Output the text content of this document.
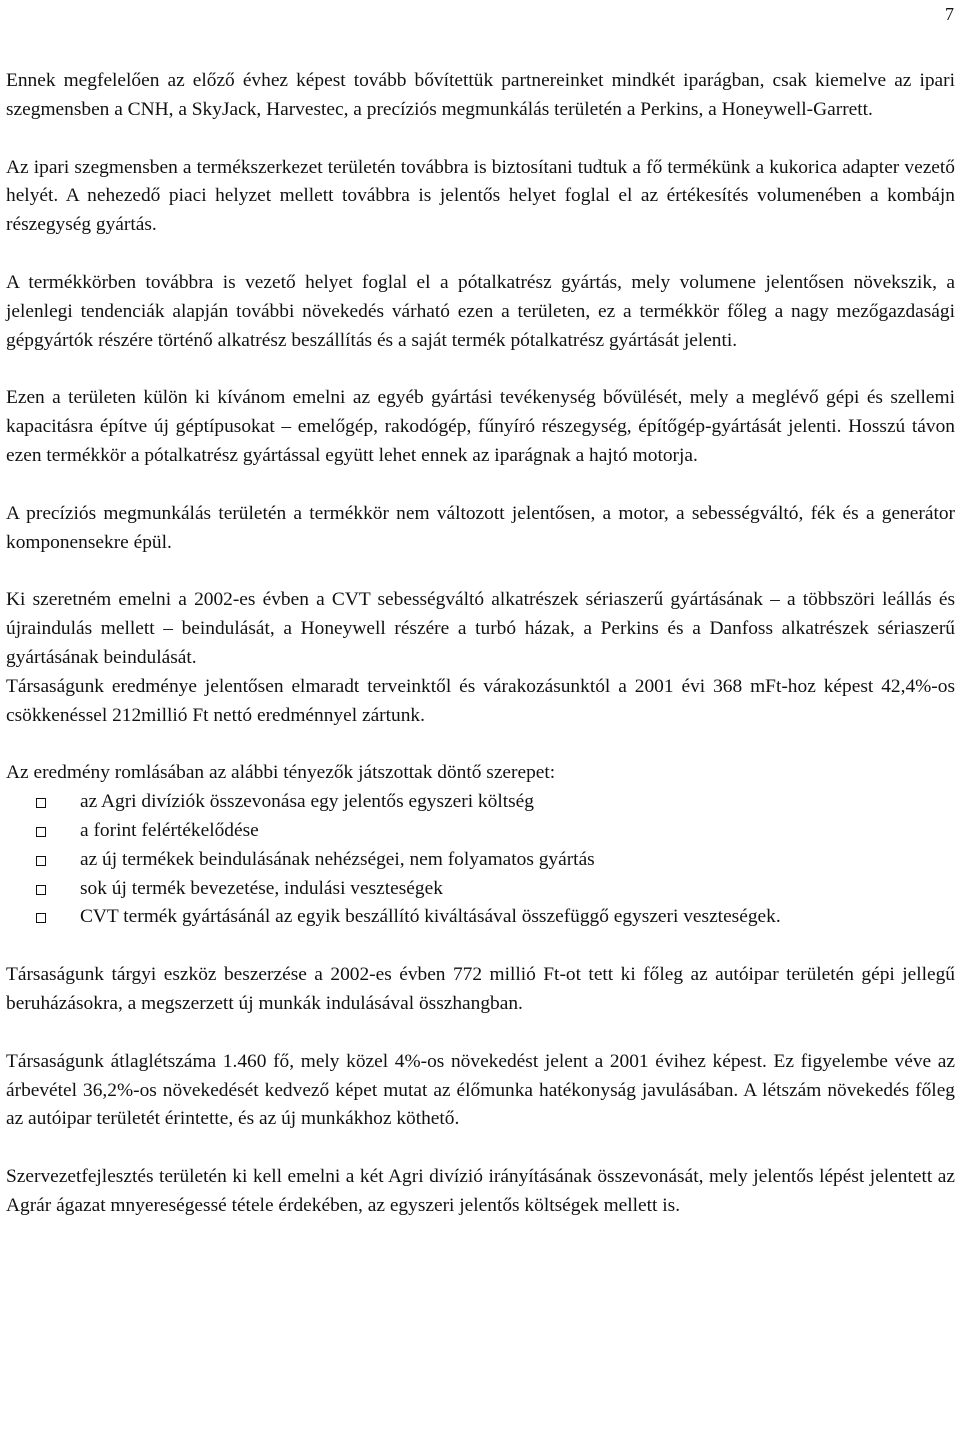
7

Ennek megfelelően az előző évhez képest tovább bővítettük partnereinket mindkét iparágban, csak kiemelve az ipari szegmensben a CNH, a SkyJack, Harvestec, a precíziós megmunkálás területén a Perkins, a Honeywell-Garrett.

Az ipari szegmensben a termékszerkezet területén továbbra is biztosítani tudtuk a fő termékünk a kukorica adapter vezető helyét. A nehezedő piaci helyzet mellett továbbra is jelentős helyet foglal el az értékesítés volumenében a kombájn részegység gyártás.

A termékkörben továbbra is vezető helyet foglal el a pótalkatrész gyártás, mely volumene jelentősen növekszik, a jelenlegi tendenciák alapján további növekedés várható ezen a területen, ez a termékkör főleg a nagy mezőgazdasági gépgyártók részére történő alkatrész beszállítás és a saját termék pótalkatrész gyártását jelenti.

Ezen a területen külön ki kívánom emelni az egyéb gyártási tevékenység bővülését, mely a meglévő gépi és szellemi kapacitásra építve új géptípusokat – emelőgép, rakodógép, fűnyíró részegység, építőgép-gyártását jelenti. Hosszú távon ezen termékkör a pótalkatrész gyártással együtt lehet ennek az iparágnak a hajtó motorja.

A precíziós megmunkálás területén a termékkör nem változott jelentősen, a motor, a sebességváltó, fék és a generátor komponensekre épül.

Ki szeretném emelni a 2002-es évben a CVT sebességváltó alkatrészek sériaszerű gyártásának – a többszöri leállás és újraindulás mellett – beindulását, a Honeywell részére a turbó házak, a Perkins és a Danfoss alkatrészek sériaszerű gyártásának beindulását.

Társaságunk eredménye jelentősen elmaradt terveinktől és várakozásunktól a 2001 évi 368 mFt-hoz képest 42,4%-os csökkenéssel 212millió Ft nettó eredménnyel zártunk.

Az eredmény romlásában az alábbi tényezők játszottak döntő szerepet:

az Agri divíziók összevonása egy jelentős egyszeri költség
a forint felértékelődése
az új termékek beindulásának nehézségei, nem folyamatos gyártás
sok új termék bevezetése, indulási veszteségek
CVT termék gyártásánál az egyik beszállító kiváltásával összefüggő egyszeri veszteségek.

Társaságunk tárgyi eszköz beszerzése a 2002-es évben 772 millió Ft-ot tett ki főleg az autóipar területén gépi jellegű beruházásokra, a megszerzett új munkák indulásával összhangban.

Társaságunk átlaglétszáma 1.460 fő, mely közel 4%-os növekedést jelent a 2001 évihez képest. Ez figyelembe véve az árbevétel 36,2%-os növekedését kedvező képet mutat az élőmunka hatékonyság javulásában. A létszám növekedés főleg az autóipar területét érintette, és az új munkákhoz köthető.

Szervezetfejlesztés területén ki kell emelni a két Agri divízió irányításának összevonását, mely jelentős lépést jelentett az Agrár ágazat mnyereségessé tétele érdekében, az egyszeri jelentős költségek mellett is.
